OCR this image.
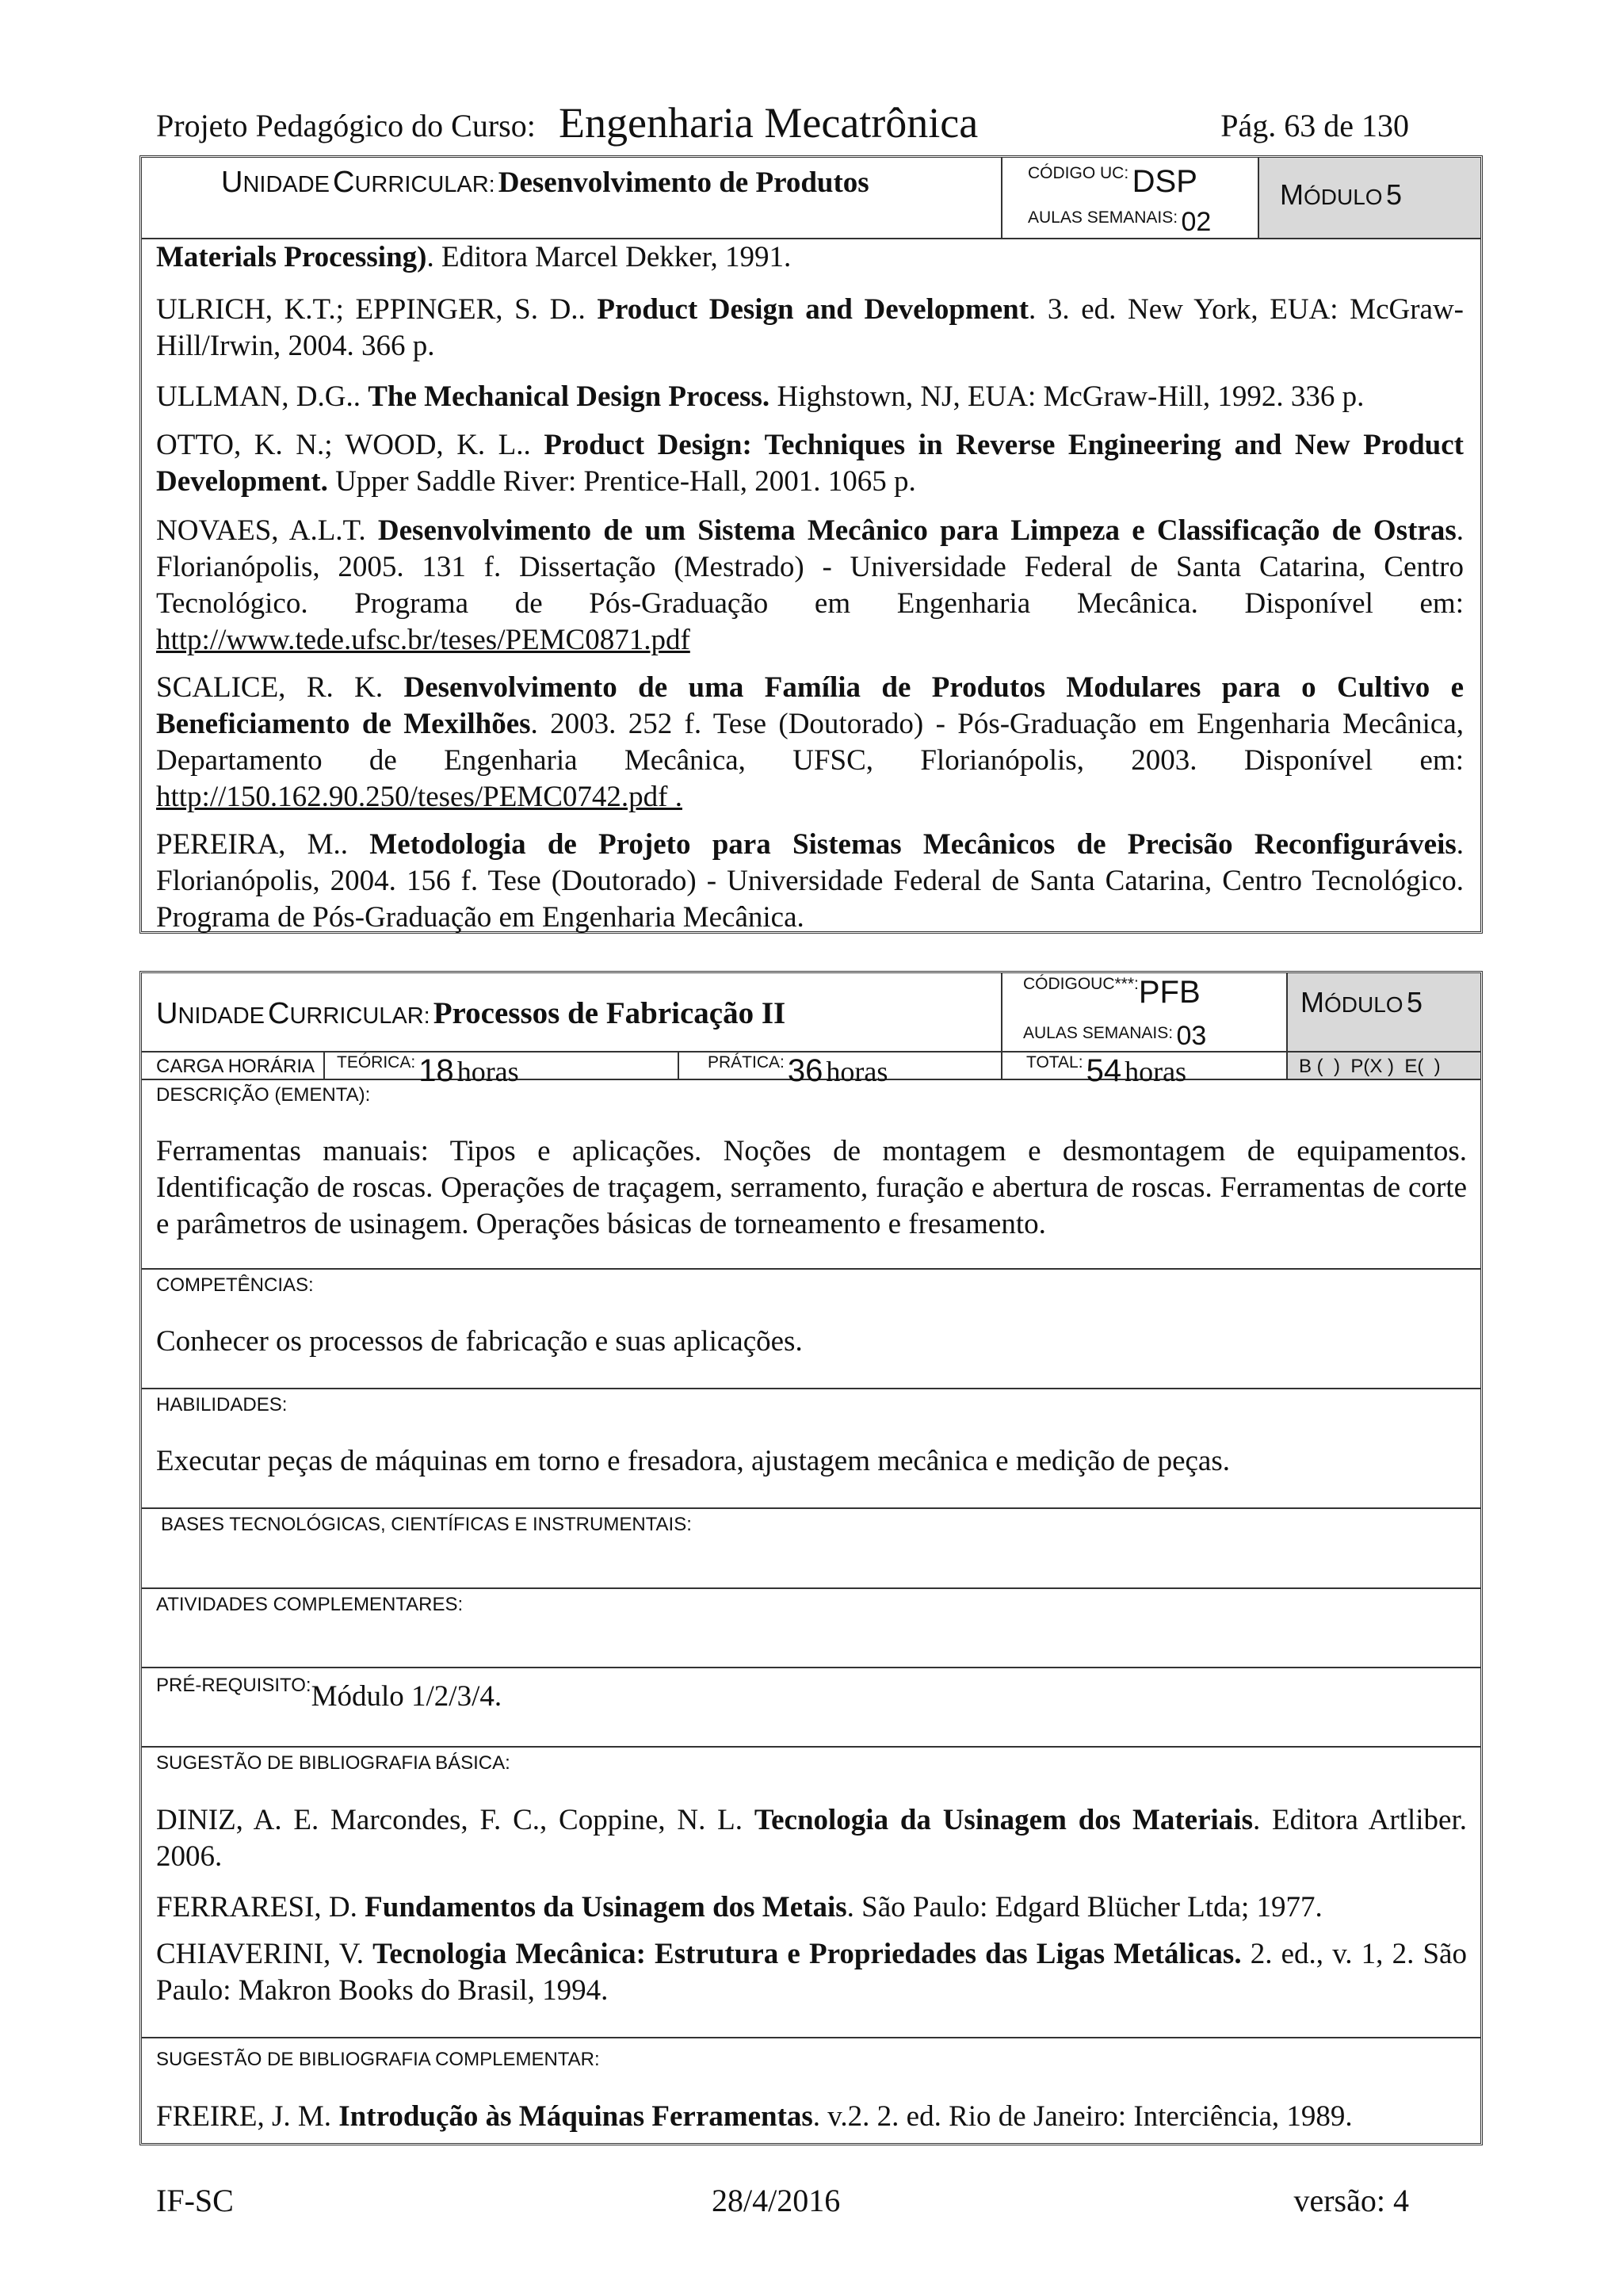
Projeto Pedagógico do Curso: Engenharia Mecatrônica	Pág. 63 de 130
UNIDADE CURRICULAR: Desenvolvimento de Produtos	CÓDIGO UC: DSP
AULAS SEMANAIS: 02
MÓDULO 5
Materials Processing). Editora Marcel Dekker, 1991.
ULRICH, K.T.; EPPINGER, S. D.. Product Design and Development. 3. ed. New York, EUA: McGraw-Hill/Irwin, 2004. 366 p.
ULLMAN, D.G.. The Mechanical Design Process. Highstown, NJ, EUA: McGraw-Hill, 1992. 336 p.
OTTO, K. N.; WOOD, K. L.. Product Design: Techniques in Reverse Engineering and New Product Development. Upper Saddle River: Prentice-Hall, 2001. 1065 p.
NOVAES, A.L.T. Desenvolvimento de um Sistema Mecânico para Limpeza e Classificação de Ostras. Florianópolis, 2005. 131 f. Dissertação (Mestrado) - Universidade Federal de Santa Catarina, Centro Tecnológico. Programa de Pós-Graduação em Engenharia Mecânica. Disponível em: http://www.tede.ufsc.br/teses/PEMC0871.pdf
SCALICE, R. K. Desenvolvimento de uma Família de Produtos Modulares para o Cultivo e Beneficiamento de Mexilhões. 2003. 252 f. Tese (Doutorado) - Pós-Graduação em Engenharia Mecânica, Departamento de Engenharia Mecânica, UFSC, Florianópolis, 2003. Disponível em: http://150.162.90.250/teses/PEMC0742.pdf .
PEREIRA, M.. Metodologia de Projeto para Sistemas Mecânicos de Precisão Reconfiguráveis. Florianópolis, 2004. 156 f. Tese (Doutorado) - Universidade Federal de Santa Catarina, Centro Tecnológico. Programa de Pós-Graduação em Engenharia Mecânica.
UNIDADE CURRICULAR: Processos de Fabricação II
CÓDIGOUC***:PFB
AULAS SEMANAIS: 03
MÓDULO 5
CARGA HORÁRIA TEÓRICA: 18 horas	PRÁTICA: 36 horas	TOTAL: 54 horas	B (  )  P(X )  E(  )
DESCRIÇÃO (EMENTA):
Ferramentas manuais: Tipos e aplicações. Noções de montagem e desmontagem de equipamentos. Identificação de roscas. Operações de traçagem, serramento, furação e abertura de roscas. Ferramentas de corte e parâmetros de usinagem. Operações básicas de torneamento e fresamento.
COMPETÊNCIAS:
Conhecer os processos de fabricação e suas aplicações.
HABILIDADES:
Executar peças de máquinas em torno e fresadora, ajustagem mecânica e medição de peças.
BASES TECNOLÓGICAS, CIENTÍFICAS E INSTRUMENTAIS:
ATIVIDADES COMPLEMENTARES:
PRÉ-REQUISITO:Módulo 1/2/3/4.
SUGESTÃO DE BIBLIOGRAFIA BÁSICA:
DINIZ, A. E. Marcondes, F. C., Coppine, N. L. Tecnologia da Usinagem dos Materiais. Editora Artliber. 2006.
FERRARESI, D. Fundamentos da Usinagem dos Metais. São Paulo: Edgard Blücher Ltda; 1977.
CHIAVERINI, V. Tecnologia Mecânica: Estrutura e Propriedades das Ligas Metálicas. 2. ed., v. 1, 2. São Paulo: Makron Books do Brasil, 1994.
SUGESTÃO DE BIBLIOGRAFIA COMPLEMENTAR:
FREIRE, J. M. Introdução às Máquinas Ferramentas. v.2. 2. ed. Rio de Janeiro: Interciência, 1989.
IF-SC	28/4/2016	versão: 4
